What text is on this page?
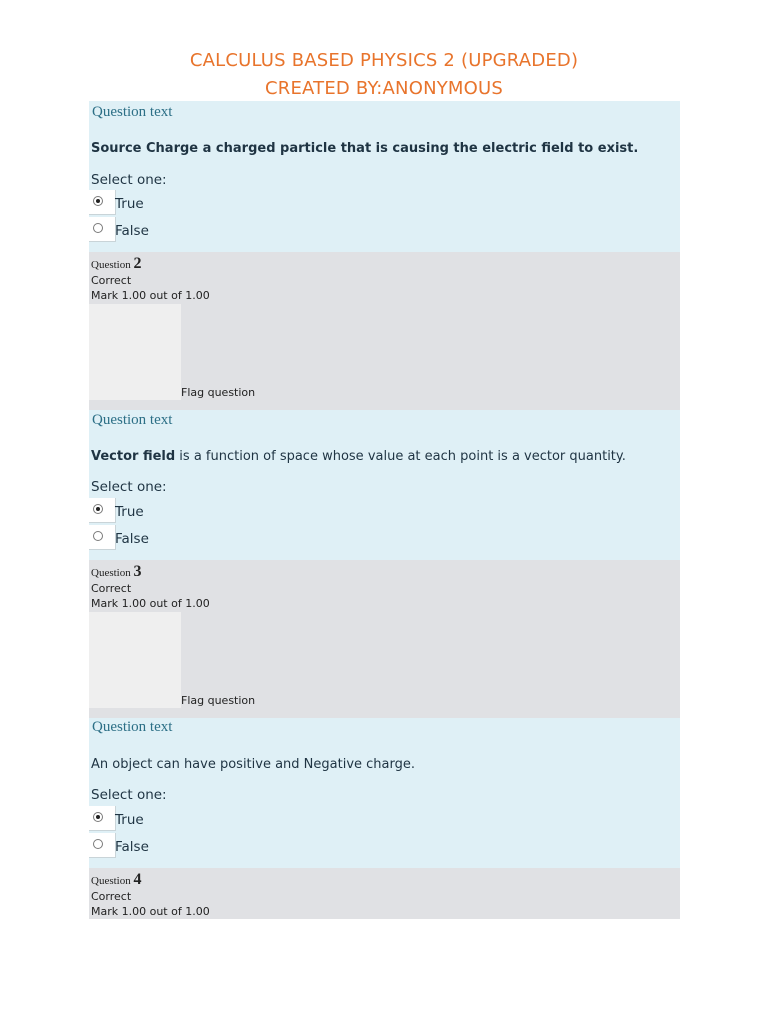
CALCULUS BASED PHYSICS 2 (UPGRADED)
CREATED BY:ANONYMOUS
Question text
Source Charge a charged particle that is causing the electric field to exist.
Select one:
True
False
Question 2
Correct
Mark 1.00 out of 1.00
Flag question
Question text
Vector field is a function of space whose value at each point is a vector quantity.
Select one:
True
False
Question 3
Correct
Mark 1.00 out of 1.00
Flag question
Question text
An object can have positive and Negative charge.
Select one:
True
False
Question 4
Correct
Mark 1.00 out of 1.00
